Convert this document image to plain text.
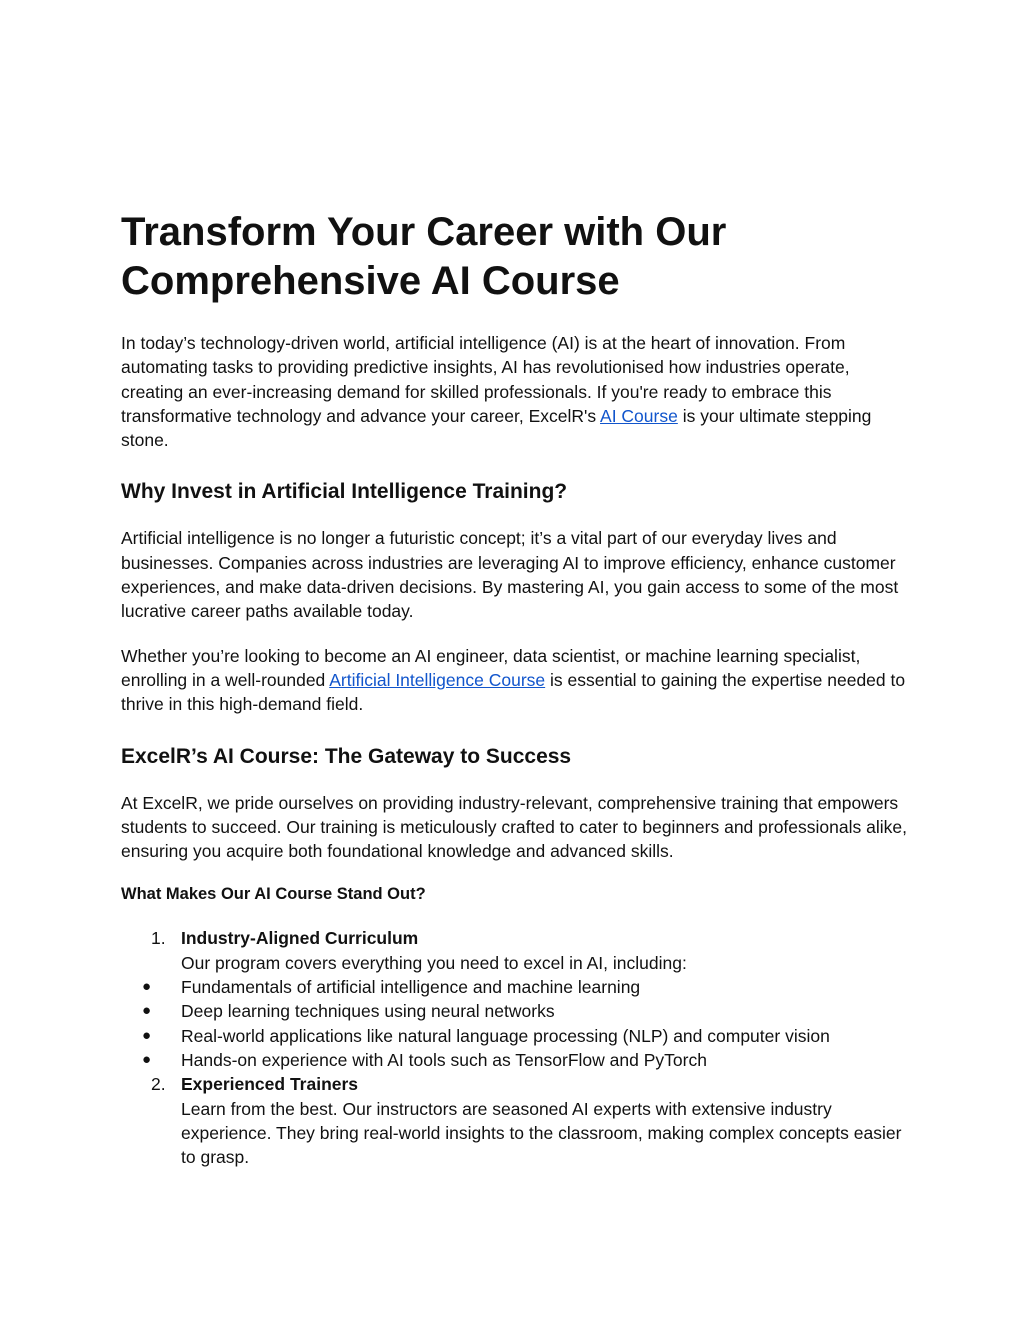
Transform Your Career with Our
Comprehensive AI Course

In today’s technology-driven world, artificial intelligence (AI) is at the heart of innovation. From automating tasks to providing predictive insights, AI has revolutionised how industries operate, creating an ever-increasing demand for skilled professionals. If you're ready to embrace this transformative technology and advance your career, ExcelR's AI Course is your ultimate stepping stone.

Why Invest in Artificial Intelligence Training?

Artificial intelligence is no longer a futuristic concept; it’s a vital part of our everyday lives and businesses. Companies across industries are leveraging AI to improve efficiency, enhance customer experiences, and make data-driven decisions. By mastering AI, you gain access to some of the most lucrative career paths available today.

Whether you’re looking to become an AI engineer, data scientist, or machine learning specialist, enrolling in a well-rounded Artificial Intelligence Course is essential to gaining the expertise needed to thrive in this high-demand field.

ExcelR’s AI Course: The Gateway to Success

At ExcelR, we pride ourselves on providing industry-relevant, comprehensive training that empowers students to succeed. Our training is meticulously crafted to cater to beginners and professionals alike, ensuring you acquire both foundational knowledge and advanced skills.

What Makes Our AI Course Stand Out?
1. Industry-Aligned Curriculum
Our program covers everything you need to excel in AI, including:
● Fundamentals of artificial intelligence and machine learning
● Deep learning techniques using neural networks
● Real-world applications like natural language processing (NLP) and computer vision
● Hands-on experience with AI tools such as TensorFlow and PyTorch
2. Experienced Trainers
Learn from the best. Our instructors are seasoned AI experts with extensive industry experience. They bring real-world insights to the classroom, making complex concepts easier to grasp.
